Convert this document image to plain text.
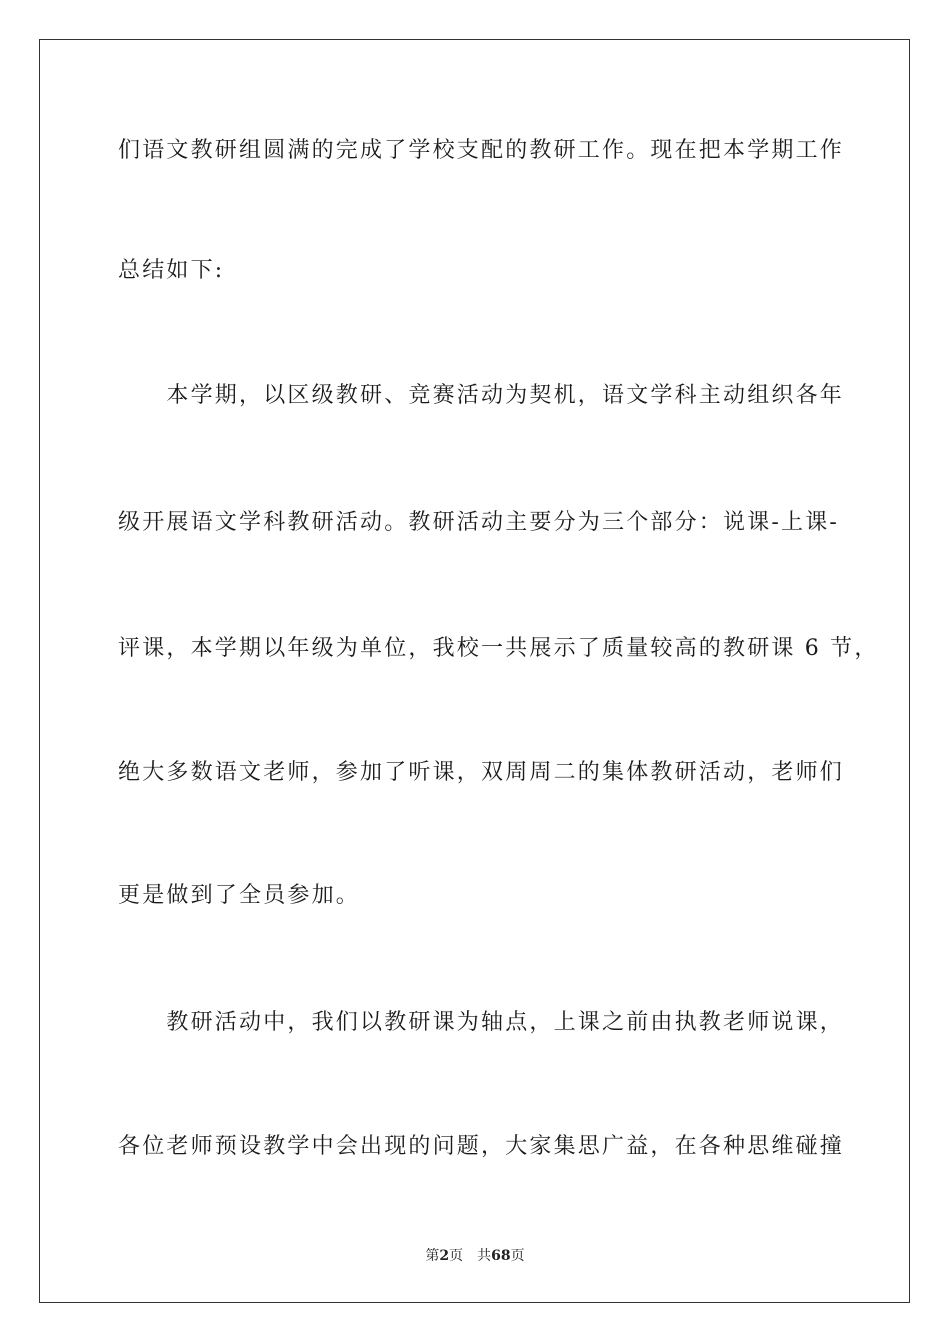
们语文教研组圆满的完成了学校支配的教研工作。现在把本学期工作
总结如下:
　　本学期，以区级教研、竞赛活动为契机，语文学科主动组织各年
级开展语文学科教研活动。教研活动主要分为三个部分：说课-上课-
评课，本学期以年级为单位，我校一共展示了质量较高的教研课 6 节，
绝大多数语文老师，参加了听课，双周周二的集体教研活动，老师们
更是做到了全员参加。
　　教研活动中，我们以教研课为轴点，上课之前由执教老师说课，
各位老师预设教学中会出现的问题，大家集思广益，在各种思维碰撞
第2页 共68页
